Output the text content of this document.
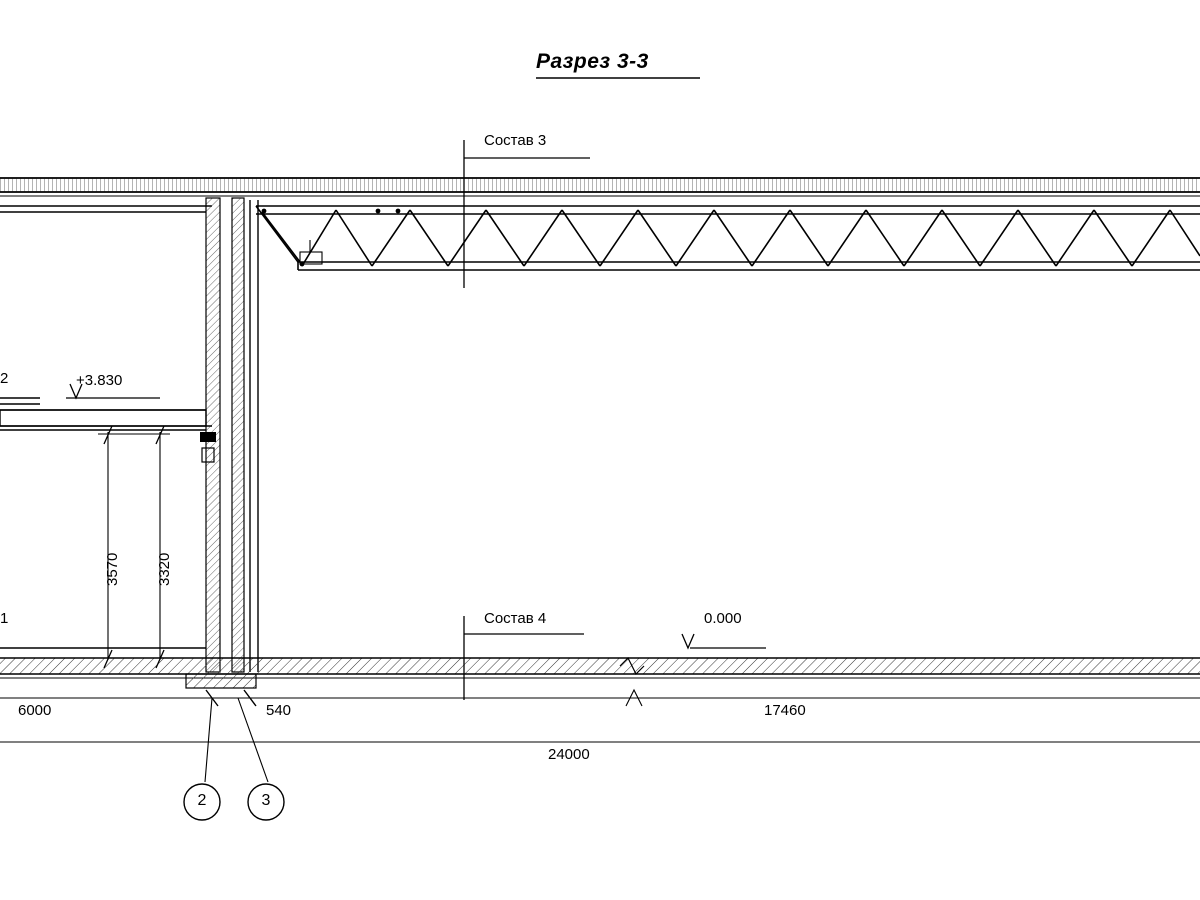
Разрез 3-3
Состав 3
Состав 4
+3.830
0.000
3570 3320
6000	540	17460
24000
2
1
2	3
